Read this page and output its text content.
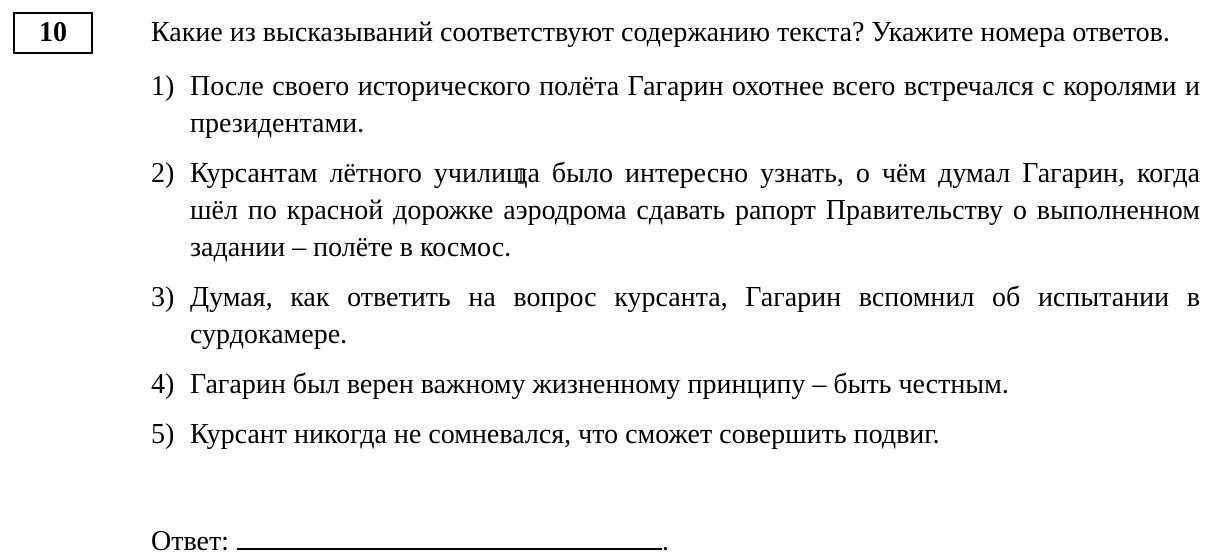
10	Какие из высказываний соответствуют содержанию текста? Укажите номера ответов.

1) После своего исторического полёта Гагарин охотнее всего встречался с королями и президентами.
2) Курсантам лётного училища было интересно узнать, о чём думал Гагарин, когда шёл по красной дорожке аэродрома сдавать рапорт Правительству о выполненном задании – полёте в космос.
3) Думая, как ответить на вопрос курсанта, Гагарин вспомнил об испытании в сурдокамере.
4) Гагарин был верен важному жизненному принципу – быть честным.
5) Курсант никогда не сомневался, что сможет совершить подвиг.
Ответ:	.
